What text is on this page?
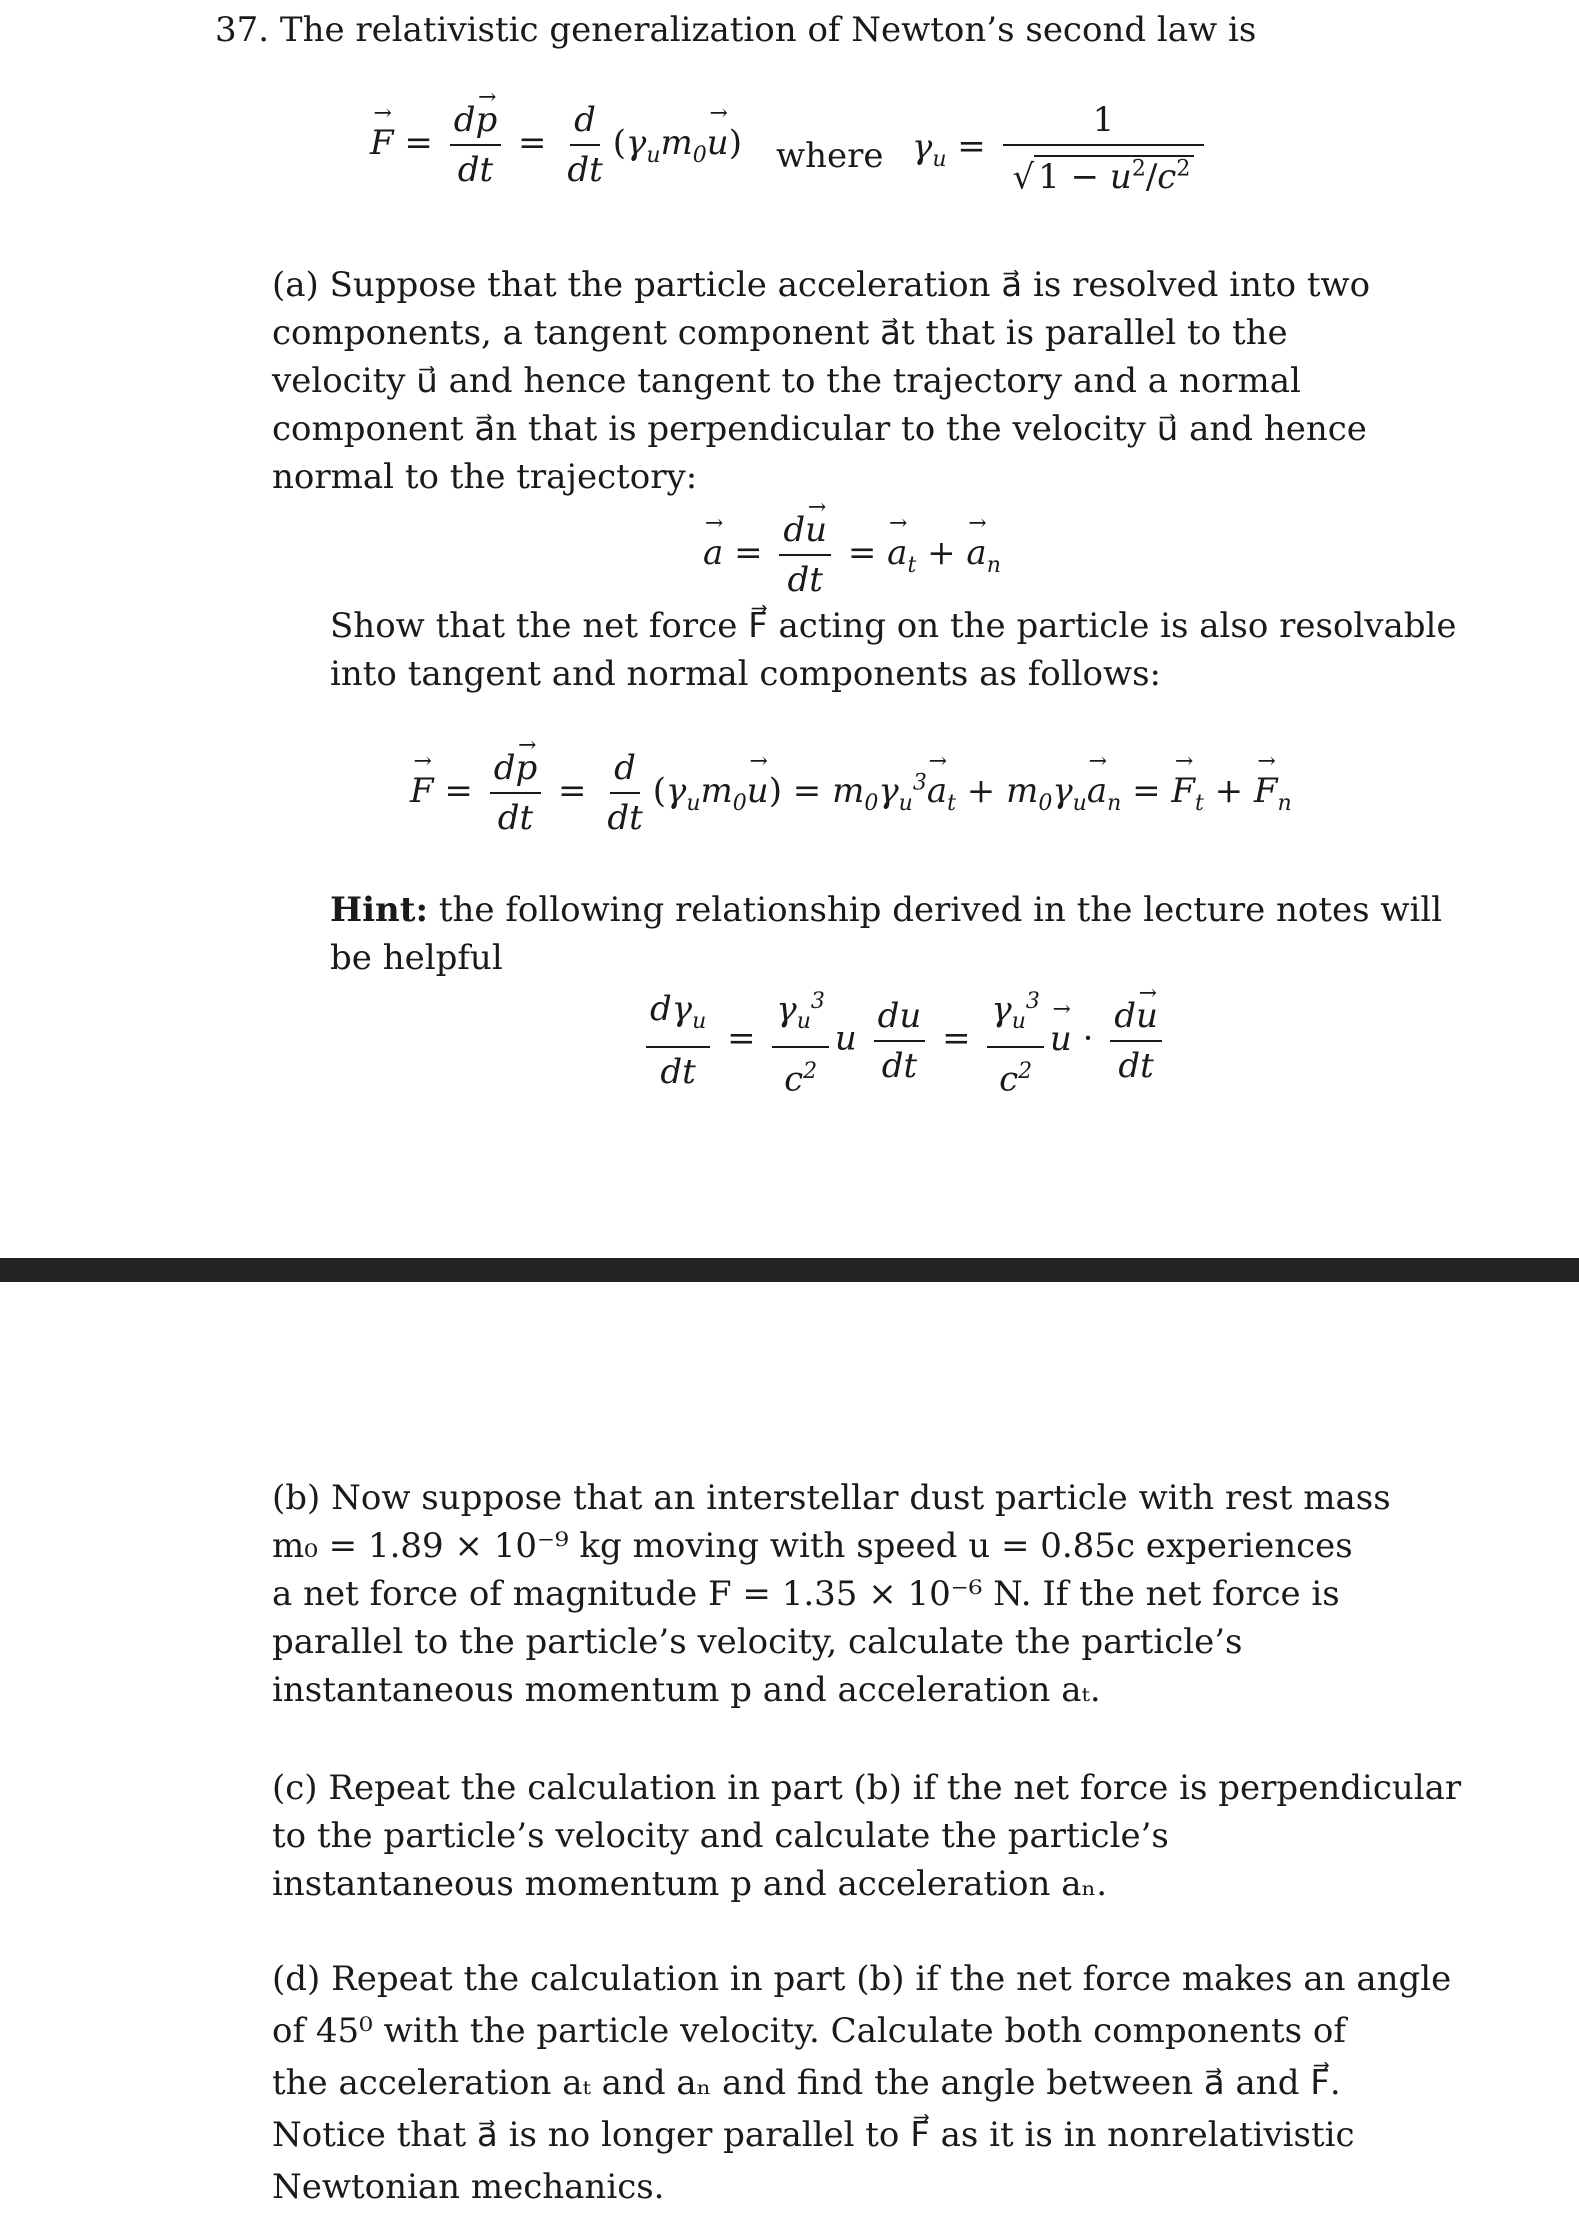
37. The relativistic generalization of Newton’s second law is
F → = $\frac{dp \to}{dt} = \frac{d}{dt} (\gamma_um_0u$ →) where $\gamma_u = \frac{1}{√ 1 - u^2/c^2}$
(a) Suppose that the particle acceleration a⃗ is resolved into two
components, a tangent component a⃗t that is parallel to the
velocity u⃗ and hence tangent to the trajectory and a normal
component a⃗n that is perpendicular to the velocity u⃗ and hence
normal to the trajectory:
a → = $\frac{du \to}{dt} = a \to_t + a \to_n$
Show that the net force F⃗ acting on the particle is also resolvable
into tangent and normal components as follows:
F → = $\frac{dp \to}{dt} = \frac{d}{dt} (\gamma_um_0u$ →) = $m_0\gamma_u^3a \to_t + m_0\gamma_ua \to_n = F \to_t + F \to_n$
Hint: the following relationship derived in the lecture notes will
be helpful
$\frac{d\gamma_u}{dt} = \frac{\gamma_u^3}{c^2}$ u $\frac{du}{dt} = \frac{\gamma_u^3}{c^2}$ u → · $\frac{du \to}{dt}$
(b) Now suppose that an interstellar dust particle with rest mass
m₀ = 1.89 × 10⁻⁹ kg moving with speed u = 0.85c experiences
a net force of magnitude F = 1.35 × 10⁻⁶ N. If the net force is
parallel to the particle’s velocity, calculate the particle’s
instantaneous momentum p and acceleration aₜ.
(c) Repeat the calculation in part (b) if the net force is perpendicular
to the particle’s velocity and calculate the particle’s
instantaneous momentum p and acceleration aₙ.
(d) Repeat the calculation in part (b) if the net force makes an angle
of 45⁰ with the particle velocity. Calculate both components of
the acceleration aₜ and aₙ and find the angle between a⃗ and F⃗.
Notice that a⃗ is no longer parallel to F⃗ as it is in nonrelativistic
Newtonian mechanics.
